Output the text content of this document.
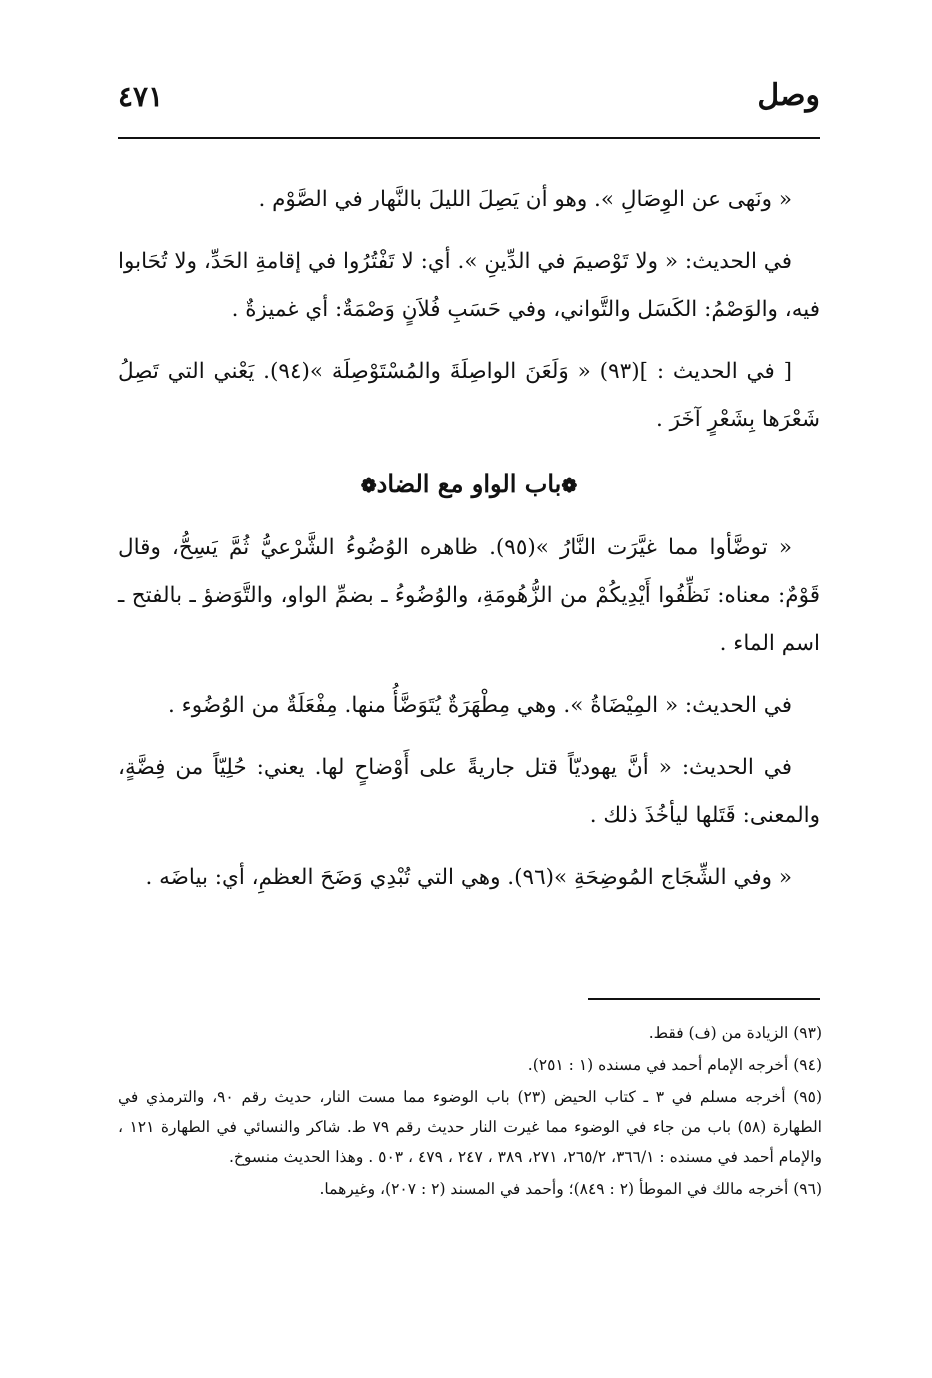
وصل
٤٧١

« ونَهى عن الوِصَالِ ». وهو أن يَصِلَ الليلَ بالنَّهار في الصَّوْم .

في الحديث: « ولا تَوْصيمَ في الدِّينِ ». أي: لا تَفْتُرُوا في إقامةِ الحَدِّ، ولا تُحَابوا فيه، والوَصْمُ: الكَسَل والتَّواني، وفي حَسَبِ فُلاَنٍ وَصْمَةٌ: أي غميزةٌ .

[ في الحديث : ](٩٣) « وَلَعَنَ الواصِلَةَ والمُسْتَوْصِلَة »(٩٤). يَعْني التي تَصِلُ شَعْرَها بِشَعْرٍ آخَرَ .

❁باب الواو مع الضاد❁

« توضَّأوا مما غيَّرَت النَّارُ »(٩٥). ظاهره الوُضُوءُ الشَّرْعيُّ ثُمَّ يَسِحُّ، وقال قَوْمٌ: معناه: نَظِّفُوا أَيْدِيكُمْ من الزُّهُومَةِ، والوُضُوءُ ـ بضمِّ الواو، والتَّوَضؤ ـ بالفتح ـ اسم الماء .

في الحديث: « المِيْضَاةُ ». وهي مِطْهَرَةٌ يُتَوَضَّأُ منها. مِفْعَلَةٌ من الوُضُوء .

في الحديث: « أنَّ يهوديّاً قتل جاريةً على أَوْضاحٍ لها. يعني: حُلِيّاً من فِضَّةٍ، والمعنى: قَتَلها ليأخُذَ ذلك .

« وفي الشِّجَاج المُوضِحَةِ »(٩٦). وهي التي تُبْدِي وَضَحَ العظمِ، أي: بياضَه .

(٩٣) الزيادة من (ف) فقط.

(٩٤) أخرجه الإمام أحمد في مسنده (١ : ٢٥١).

(٩٥) أخرجه مسلم في ٣ ـ كتاب الحيض (٢٣) باب الوضوء مما مست النار، حديث رقم ٩٠، والترمذي في الطهارة (٥٨) باب من جاء في الوضوء مما غيرت النار حديث رقم ٧٩ ط. شاكر والنسائي في الطهارة ١٢١ ، والإمام أحمد في مسنده : ٣٦٦/١، ٢٦٥/٢، ٢٧١، ٣٨٩ ، ٢٤٧ ، ٤٧٩ ، ٥٠٣ . وهذا الحديث منسوخ.

(٩٦) أخرجه مالك في الموطأ (٢ : ٨٤٩)؛ وأحمد في المسند (٢ : ٢٠٧)، وغيرهما.
